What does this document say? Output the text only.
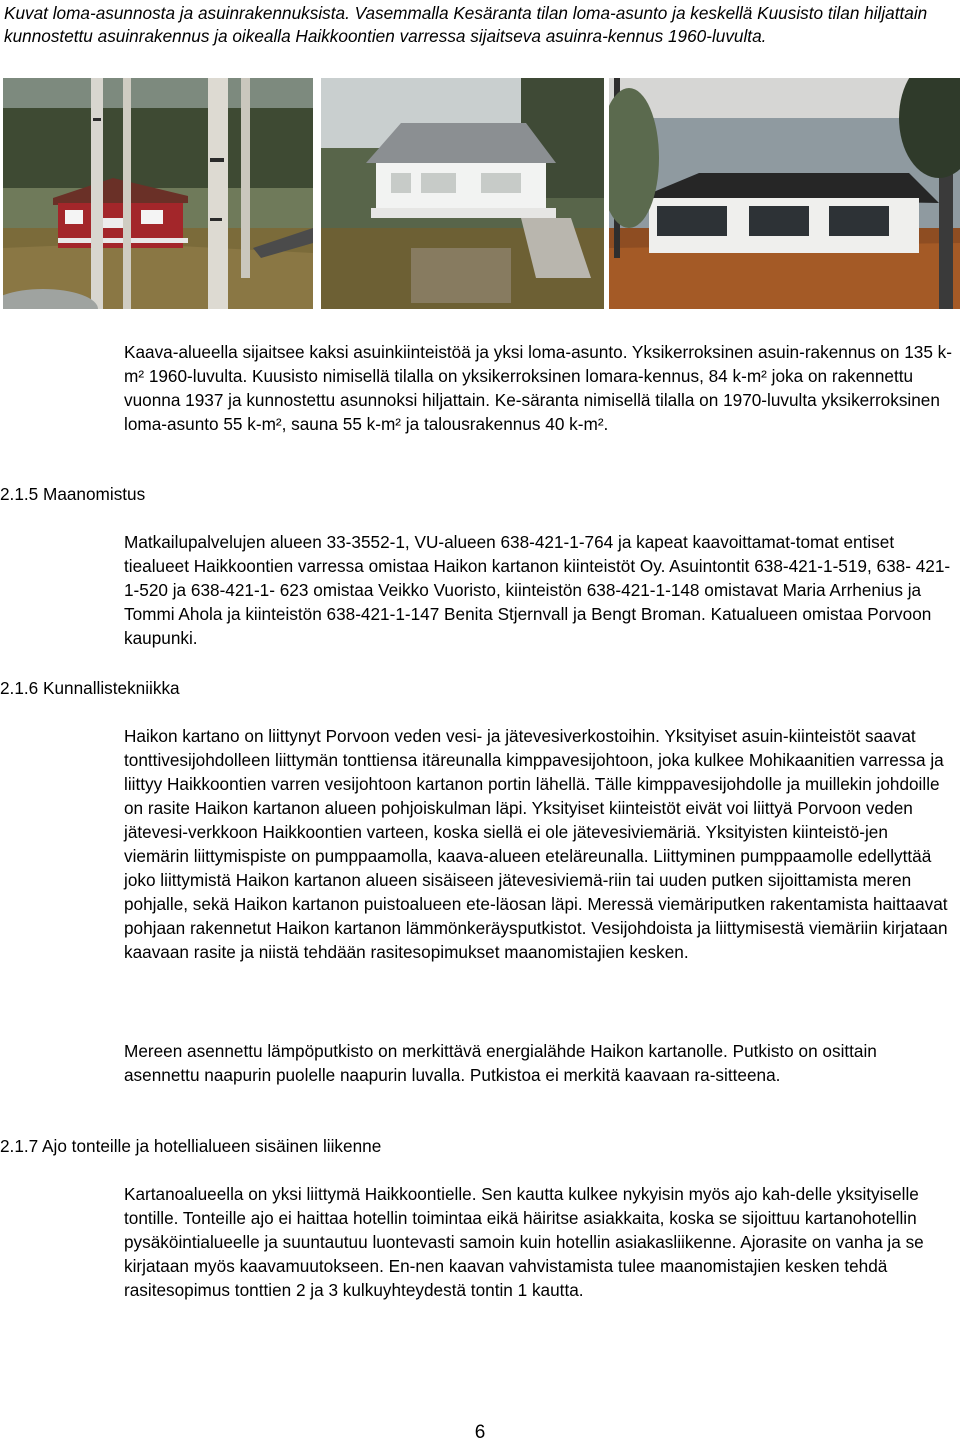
Kuvat loma-asunnosta ja asuinrakennuksista. Vasemmalla Kesäranta tilan loma-asunto ja keskellä Kuusisto tilan hiljattain kunnostettu asuinrakennus ja oikealla Haikkoontien varressa sijaitseva asuinra-kennus 1960-luvulta.

Kaava-alueella sijaitsee kaksi asuinkiinteistöä ja yksi loma-asunto. Yksikerroksinen asuin-rakennus on 135 k-m² 1960-luvulta. Kuusisto nimisellä tilalla on yksikerroksinen lomara-kennus, 84 k-m² joka on rakennettu vuonna 1937 ja kunnostettu asunnoksi hiljattain. Ke-säranta nimisellä tilalla on 1970-luvulta yksikerroksinen loma-asunto 55 k-m², sauna 55 k-m² ja talousrakennus 40 k-m².

2.1.5 Maanomistus

Matkailupalvelujen alueen 33-3552-1, VU-alueen 638-421-1-764 ja kapeat kaavoittamat-tomat entiset tiealueet Haikkoontien varressa omistaa Haikon kartanon kiinteistöt Oy. Asuintontit 638-421-1-519, 638- 421-1-520 ja 638-421-1- 623 omistaa Veikko Vuoristo, kiinteistön 638-421-1-148 omistavat Maria Arrhenius ja Tommi Ahola ja kiinteistön 638-421-1-147 Benita Stjernvall ja Bengt Broman. Katualueen omistaa Porvoon kaupunki.

2.1.6 Kunnallistekniikka

Haikon kartano on liittynyt Porvoon veden vesi- ja jätevesiverkostoihin. Yksityiset asuin-kiinteistöt saavat tonttivesijohdolleen liittymän tonttiensa itäreunalla kimppavesijohtoon, joka kulkee Mohikaanitien varressa ja liittyy Haikkoontien varren vesijohtoon kartanon portin lähellä. Tälle kimppavesijohdolle ja muillekin johdoille on rasite Haikon kartanon alueen pohjoiskulman läpi. Yksityiset kiinteistöt eivät voi liittyä Porvoon veden jätevesi-verkkoon Haikkoontien varteen, koska siellä ei ole jätevesiviemäriä. Yksityisten kiinteistö-jen viemärin liittymispiste on pumppaamolla, kaava-alueen eteläreunalla. Liittyminen pumppaamolle edellyttää joko liittymistä Haikon kartanon alueen sisäiseen jätevesiviemä-riin tai uuden putken sijoittamista meren pohjalle, sekä Haikon kartanon puistoalueen ete-läosan läpi. Meressä viemäriputken rakentamista haittaavat pohjaan rakennetut Haikon kartanon lämmönkeräysputkistot. Vesijohdoista ja liittymisestä viemäriin kirjataan kaavaan rasite ja niistä tehdään rasitesopimukset maanomistajien kesken.

Mereen asennettu lämpöputkisto on merkittävä energialähde Haikon kartanolle. Putkisto on osittain asennettu naapurin puolelle naapurin luvalla. Putkistoa ei merkitä kaavaan ra-sitteena.

2.1.7 Ajo tonteille ja hotellialueen sisäinen liikenne

Kartanoalueella on yksi liittymä Haikkoontielle. Sen kautta kulkee nykyisin myös ajo kah-delle yksityiselle tontille. Tonteille ajo ei haittaa hotellin toimintaa eikä häiritse asiakkaita, koska se sijoittuu kartanohotellin pysäköintialueelle ja suuntautuu luontevasti samoin kuin hotellin asiakasliikenne. Ajorasite on vanha ja se kirjataan myös kaavamuutokseen. En-nen kaavan vahvistamista tulee maanomistajien kesken tehdä rasitesopimus tonttien 2 ja 3 kulkuyhteydestä tontin 1 kautta.

6
